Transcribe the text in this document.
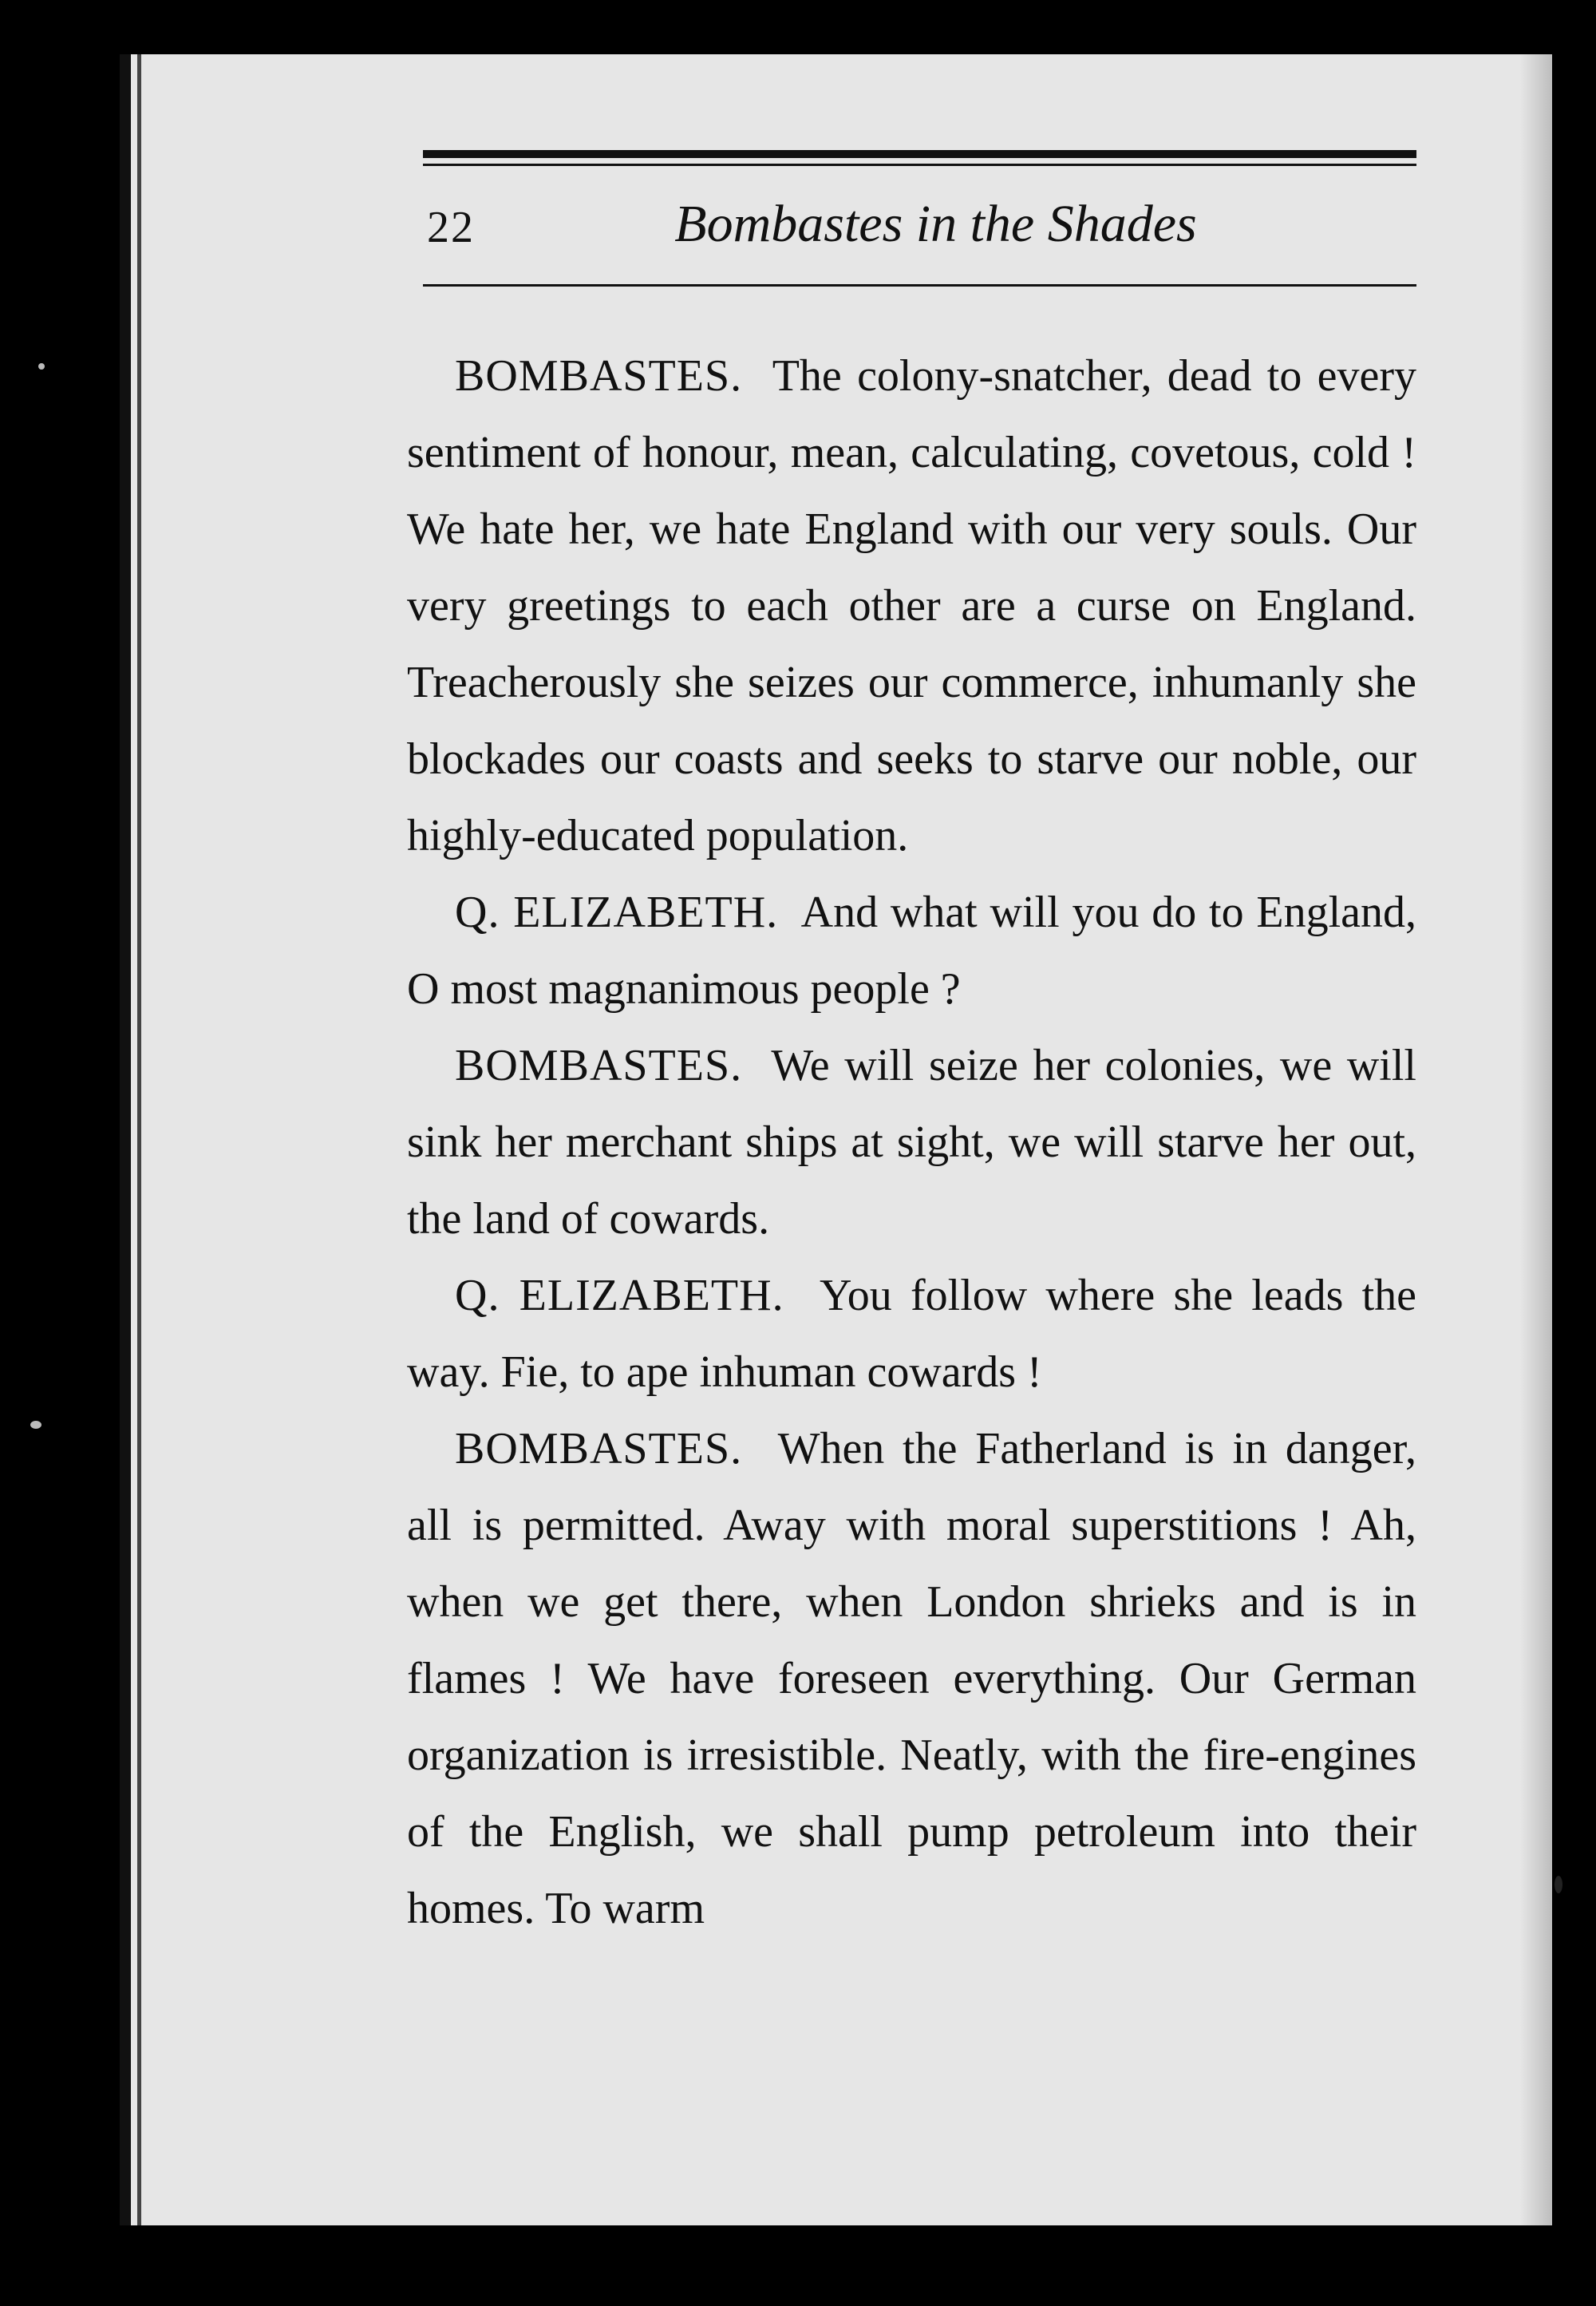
22	Bombastes in the Shades

BOMBASTES. The colony-snatcher, dead to every sentiment of honour, mean, calculating, covetous, cold ! We hate her, we hate England with our very souls. Our very greetings to each other are a curse on England. Treacherously she seizes our commerce, inhumanly she blockades our coasts and seeks to starve our noble, our highly-educated population.

Q. ELIZABETH. And what will you do to England, O most magnanimous people ?

BOMBASTES. We will seize her colonies, we will sink her merchant ships at sight, we will starve her out, the land of cowards.

Q. ELIZABETH. You follow where she leads the way. Fie, to ape inhuman cowards !

BOMBASTES. When the Fatherland is in danger, all is permitted. Away with moral superstitions ! Ah, when we get there, when London shrieks and is in flames ! We have foreseen everything. Our German organization is irresistible. Neatly, with the fire-engines of the English, we shall pump petroleum into their homes. To warm
